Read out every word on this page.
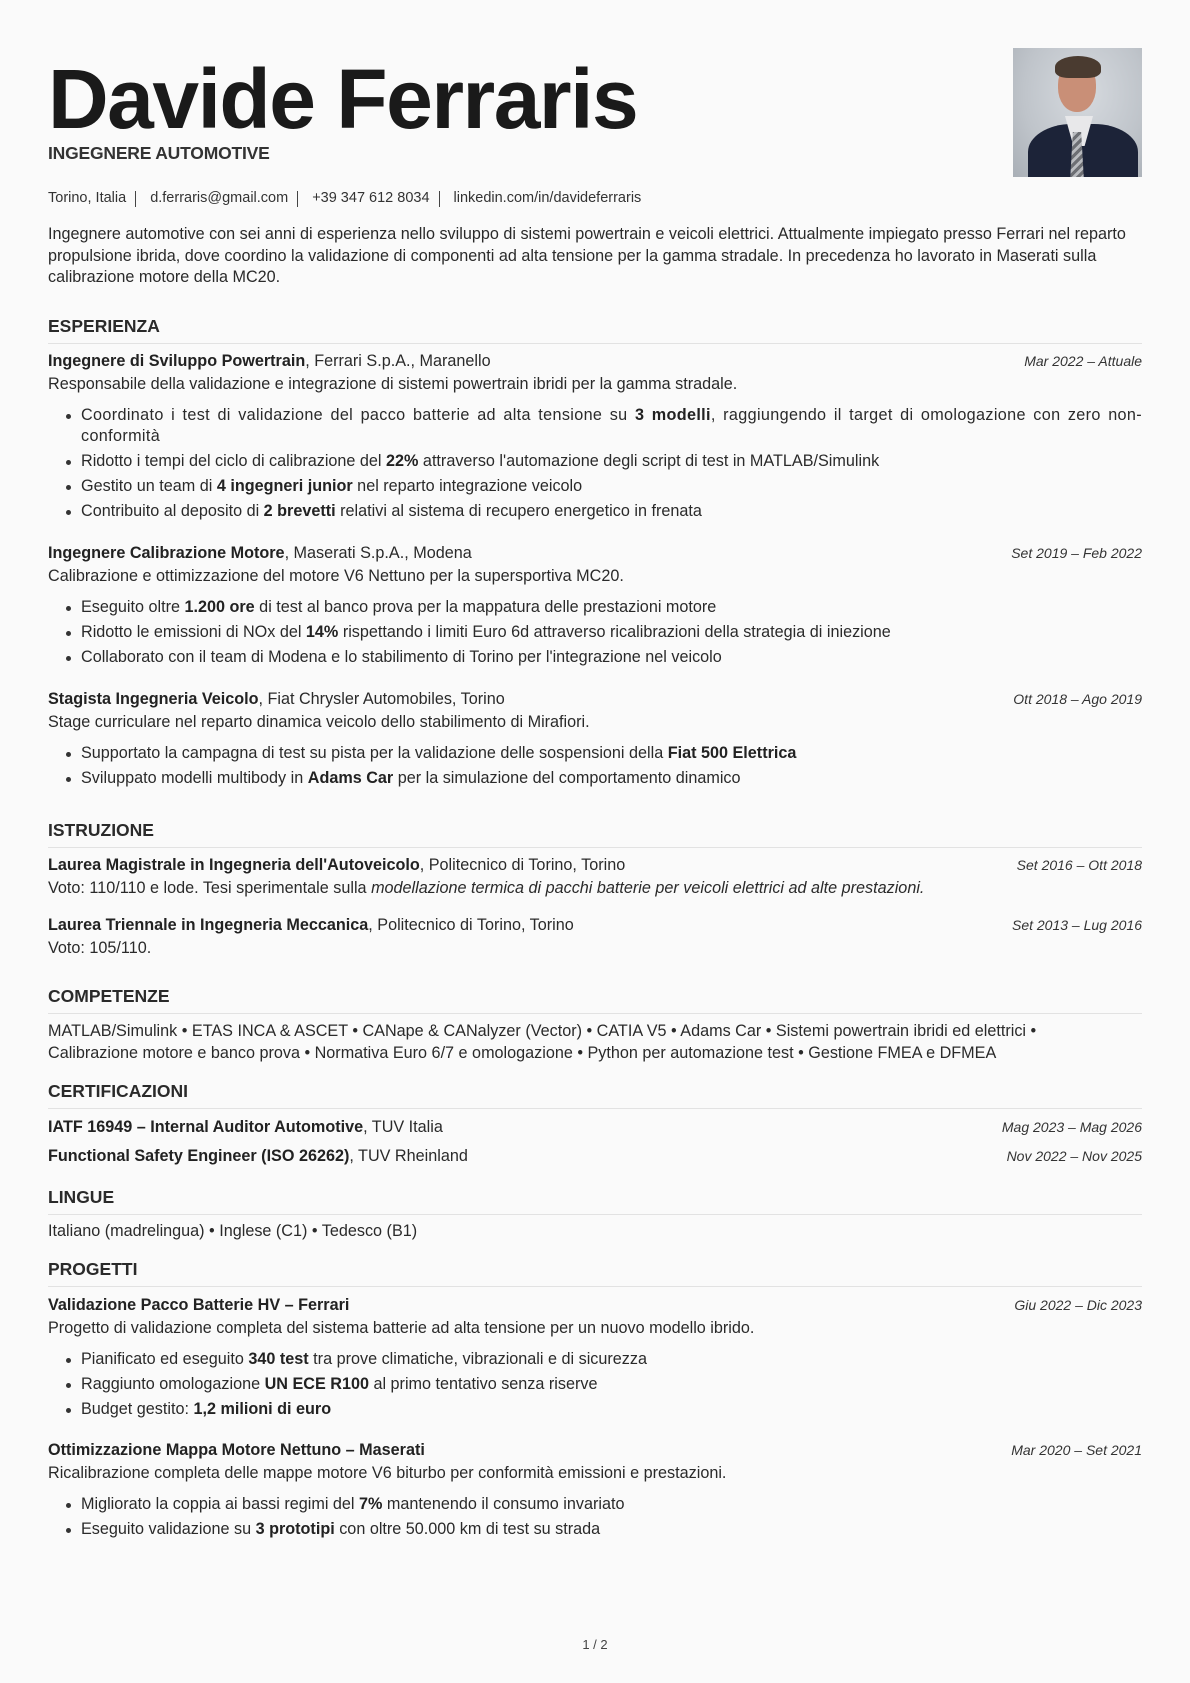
Davide Ferraris
INGEGNERE AUTOMOTIVE
Torino, Italia d.ferraris@gmail.com +39 347 612 8034 linkedin.com/in/davideferraris
Ingegnere automotive con sei anni di esperienza nello sviluppo di sistemi powertrain e veicoli elettrici. Attualmente impiegato presso Ferrari nel reparto propulsione ibrida, dove coordino la validazione di componenti ad alta tensione per la gamma stradale. In precedenza ho lavorato in Maserati sulla calibrazione motore della MC20.
ESPERIENZA
Ingegnere di Sviluppo Powertrain, Ferrari S.p.A., Maranello	Mar 2022 – Attuale
Responsabile della validazione e integrazione di sistemi powertrain ibridi per la gamma stradale.
Coordinato i test di validazione del pacco batterie ad alta tensione su 3 modelli, raggiungendo il target di omologazione con zero non-conformità
Ridotto i tempi del ciclo di calibrazione del 22% attraverso l'automazione degli script di test in MATLAB/Simulink
Gestito un team di 4 ingegneri junior nel reparto integrazione veicolo
Contribuito al deposito di 2 brevetti relativi al sistema di recupero energetico in frenata
Ingegnere Calibrazione Motore, Maserati S.p.A., Modena	Set 2019 – Feb 2022
Calibrazione e ottimizzazione del motore V6 Nettuno per la supersportiva MC20.
Eseguito oltre 1.200 ore di test al banco prova per la mappatura delle prestazioni motore
Ridotto le emissioni di NOx del 14% rispettando i limiti Euro 6d attraverso ricalibrazioni della strategia di iniezione
Collaborato con il team di Modena e lo stabilimento di Torino per l'integrazione nel veicolo
Stagista Ingegneria Veicolo, Fiat Chrysler Automobiles, Torino	Ott 2018 – Ago 2019
Stage curriculare nel reparto dinamica veicolo dello stabilimento di Mirafiori.
Supportato la campagna di test su pista per la validazione delle sospensioni della Fiat 500 Elettrica
Sviluppato modelli multibody in Adams Car per la simulazione del comportamento dinamico
ISTRUZIONE
Laurea Magistrale in Ingegneria dell'Autoveicolo, Politecnico di Torino, Torino	Set 2016 – Ott 2018
Voto: 110/110 e lode. Tesi sperimentale sulla modellazione termica di pacchi batterie per veicoli elettrici ad alte prestazioni.
Laurea Triennale in Ingegneria Meccanica, Politecnico di Torino, Torino	Set 2013 – Lug 2016
Voto: 105/110.
COMPETENZE
MATLAB/Simulink • ETAS INCA & ASCET • CANape & CANalyzer (Vector) • CATIA V5 • Adams Car • Sistemi powertrain ibridi ed elettrici •
Calibrazione motore e banco prova • Normativa Euro 6/7 e omologazione • Python per automazione test • Gestione FMEA e DFMEA
CERTIFICAZIONI
IATF 16949 – Internal Auditor Automotive, TUV Italia	Mag 2023 – Mag 2026
Functional Safety Engineer (ISO 26262), TUV Rheinland	Nov 2022 – Nov 2025
LINGUE
Italiano (madrelingua) • Inglese (C1) • Tedesco (B1)
PROGETTI
Validazione Pacco Batterie HV – Ferrari	Giu 2022 – Dic 2023
Progetto di validazione completa del sistema batterie ad alta tensione per un nuovo modello ibrido.
Pianificato ed eseguito 340 test tra prove climatiche, vibrazionali e di sicurezza
Raggiunto omologazione UN ECE R100 al primo tentativo senza riserve
Budget gestito: 1,2 milioni di euro
Ottimizzazione Mappa Motore Nettuno – Maserati	Mar 2020 – Set 2021
Ricalibrazione completa delle mappe motore V6 biturbo per conformità emissioni e prestazioni.
Migliorato la coppia ai bassi regimi del 7% mantenendo il consumo invariato
Eseguito validazione su 3 prototipi con oltre 50.000 km di test su strada
1 / 2
